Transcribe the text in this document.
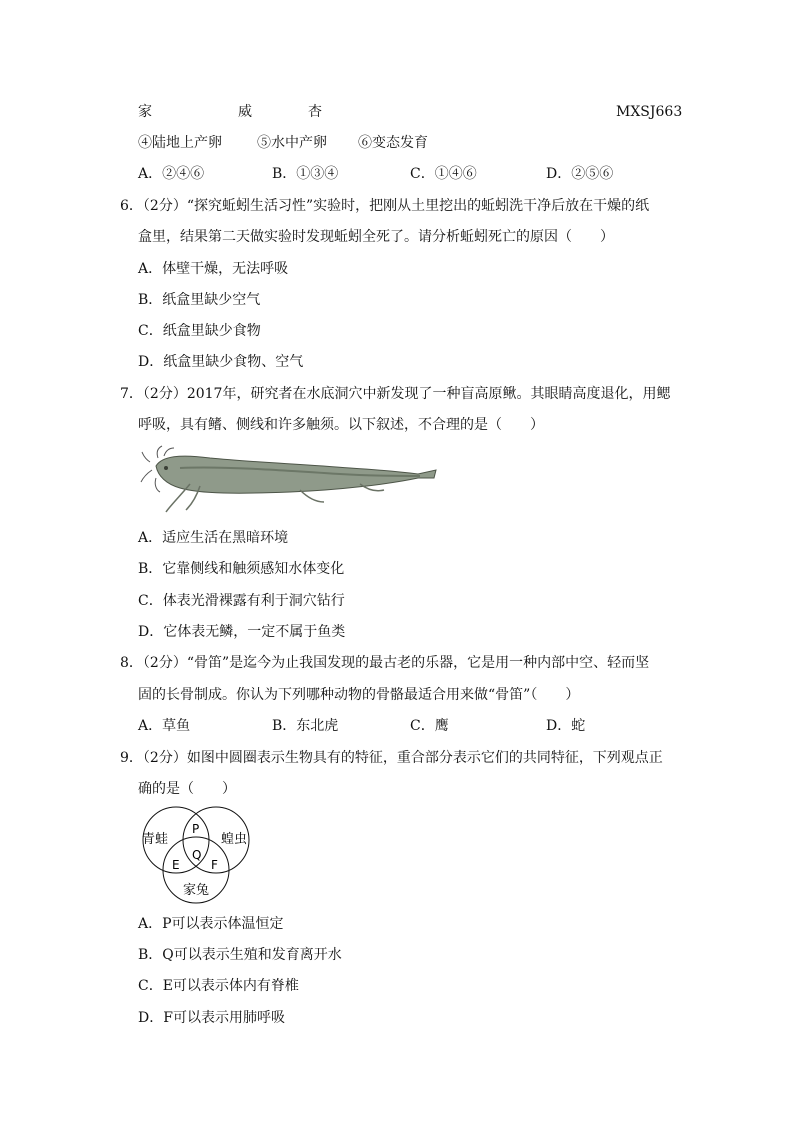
家	威	杏	MXSJ663
④陆地上产卵	⑤水中产卵 ⑥变态发育
A．②④⑥	B．①③④	C．①④⑥	D．②⑤⑥
6．（2分）“探究蚯蚓生活习性”实验时，把刚从土里挖出的蚯蚓洗干净后放在干燥的纸
盒里，结果第二天做实验时发现蚯蚓全死了。请分析蚯蚓死亡的原因（　　）
A．体壁干燥，无法呼吸
B．纸盒里缺少空气
C．纸盒里缺少食物
D．纸盒里缺少食物、空气
7．（2分）2017年，研究者在水底洞穴中新发现了一种盲高原鳅。其眼睛高度退化，用鳃
呼吸，具有鳍、侧线和许多触须。以下叙述，不合理的是（　　）
A．适应生活在黑暗环境
B．它靠侧线和触须感知水体变化
C．体表光滑裸露有利于洞穴钻行
D．它体表无鳞，一定不属于鱼类
8．（2分）“骨笛”是迄今为止我国发现的最古老的乐器，它是用一种内部中空、轻而坚
固的长骨制成。你认为下列哪种动物的骨骼最适合用来做“骨笛”（　　）
A．草鱼	B．东北虎	C．鹰	D．蛇
9．（2分）如图中圆圈表示生物具有的特征，重合部分表示它们的共同特征，下列观点正
确的是（　　）
青蛙	蝗虫
家兔
P
Q
E	F
A．P可以表示体温恒定
B．Q可以表示生殖和发育离开水
C．E可以表示体内有脊椎
D．F可以表示用肺呼吸
